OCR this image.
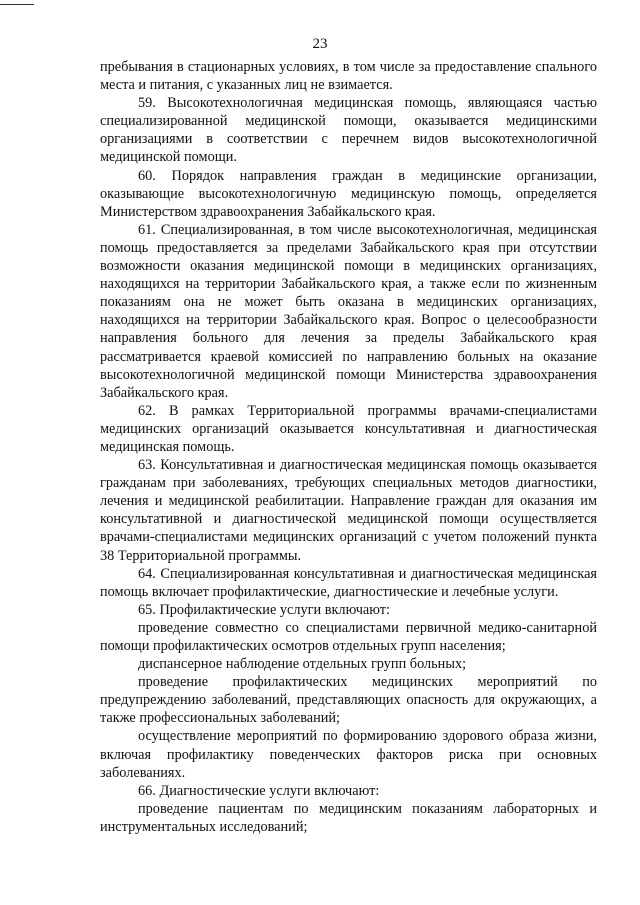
23

пребывания в стационарных условиях, в том числе за предоставление спального места и питания, с указанных лиц не взимается.

59. Высокотехнологичная медицинская помощь, являющаяся частью специализированной медицинской помощи, оказывается медицинскими организациями в соответствии с перечнем видов высокотехнологичной медицинской помощи.

60. Порядок направления граждан в медицинские организации, оказывающие высокотехнологичную медицинскую помощь, определяется Министерством здравоохранения Забайкальского края.

61. Специализированная, в том числе высокотехнологичная, медицинская помощь предоставляется за пределами Забайкальского края при отсутствии возможности оказания медицинской помощи в медицинских организациях, находящихся на территории Забайкальского края, а также если по жизненным показаниям она не может быть оказана в медицинских организациях, находящихся на территории Забайкальского края. Вопрос о целесообразности направления больного для лечения за пределы Забайкальского края рассматривается краевой комиссией по направлению больных на оказание высокотехнологичной медицинской помощи Министерства здравоохранения Забайкальского края.

62. В рамках Территориальной программы врачами-специалистами медицинских организаций оказывается консультативная и диагностическая медицинская помощь.

63. Консультативная и диагностическая медицинская помощь оказывается гражданам при заболеваниях, требующих специальных методов диагностики, лечения и медицинской реабилитации. Направление граждан для оказания им консультативной и диагностической медицинской помощи осуществляется врачами-специалистами медицинских организаций с учетом положений пункта 38 Территориальной программы.

64. Специализированная консультативная и диагностическая медицинская помощь включает профилактические, диагностические и лечебные услуги.

65. Профилактические услуги включают:

проведение совместно со специалистами первичной медико-санитарной помощи профилактических осмотров отдельных групп населения;

диспансерное наблюдение отдельных групп больных;

проведение профилактических медицинских мероприятий по предупреждению заболеваний, представляющих опасность для окружающих, а также профессиональных заболеваний;

осуществление мероприятий по формированию здорового образа жизни, включая профилактику поведенческих факторов риска при основных заболеваниях.

66. Диагностические услуги включают:

проведение пациентам по медицинским показаниям лабораторных и инструментальных исследований;
